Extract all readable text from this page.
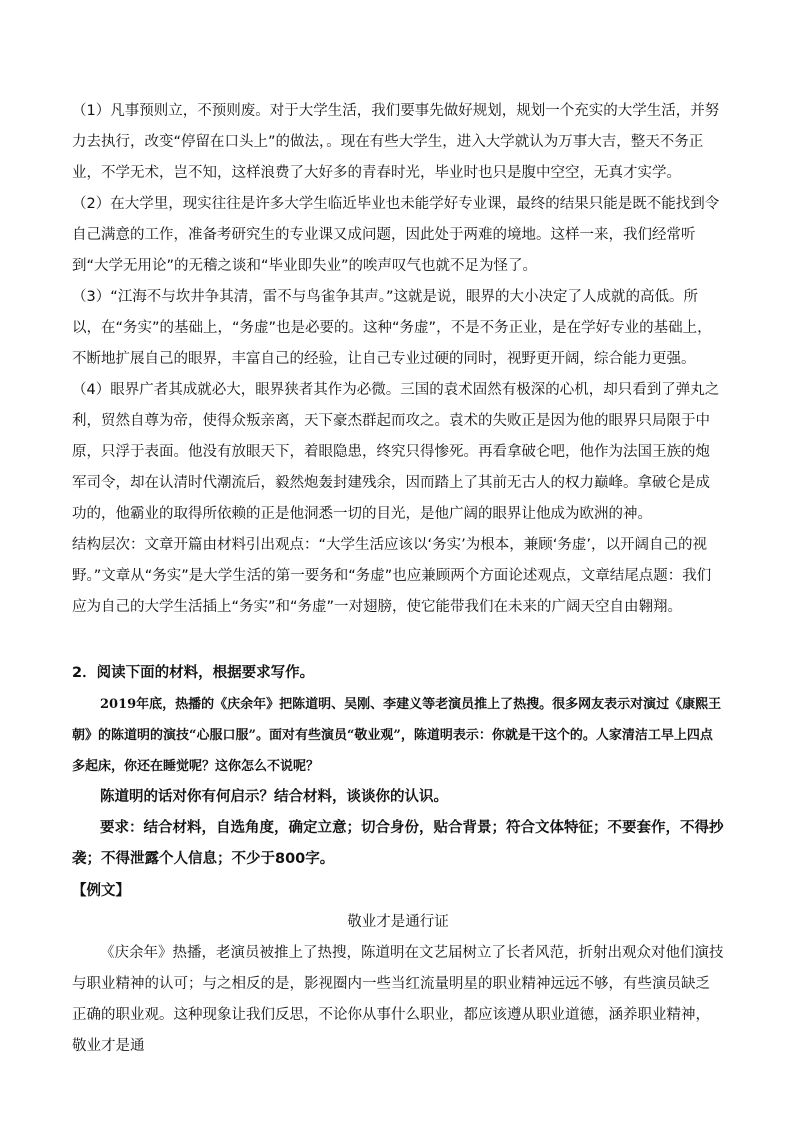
（1）凡事预则立，不预则废。对于大学生活，我们要事先做好规划，规划一个充实的大学生活，并努力去执行，改变“停留在口头上”的做法，。现在有些大学生，进入大学就认为万事大吉，整天不务正业，不学无术，岂不知，这样浪费了大好多的青春时光，毕业时也只是腹中空空，无真才实学。

（2）在大学里，现实往往是许多大学生临近毕业也未能学好专业课，最终的结果只能是既不能找到令自己满意的工作，准备考研究生的专业课又成问题，因此处于两难的境地。这样一来，我们经常听到“大学无用论”的无稽之谈和“毕业即失业”的唉声叹气也就不足为怪了。

（3）“江海不与坎井争其清，雷不与鸟雀争其声。”这就是说，眼界的大小决定了人成就的高低。所以，在“务实”的基础上，“务虚”也是必要的。这种“务虚”，不是不务正业，是在学好专业的基础上，不断地扩展自己的眼界，丰富自己的经验，让自己专业过硬的同时，视野更开阔，综合能力更强。

（4）眼界广者其成就必大，眼界狭者其作为必微。三国的袁术固然有极深的心机，却只看到了弹丸之利，贸然自尊为帝，使得众叛亲离，天下豪杰群起而攻之。袁术的失败正是因为他的眼界只局限于中原，只浮于表面。他没有放眼天下，着眼隐患，终究只得惨死。再看拿破仑吧，他作为法国王族的炮军司令，却在认清时代潮流后，毅然炮轰封建残余，因而踏上了其前无古人的权力巅峰。拿破仑是成功的，他霸业的取得所依赖的正是他洞悉一切的目光，是他广阔的眼界让他成为欧洲的神。

结构层次：文章开篇由材料引出观点：“大学生活应该以‘务实’为根本，兼顾‘务虚’，以开阔自己的视野。”文章从“务实”是大学生活的第一要务和“务虚”也应兼顾两个方面论述观点，文章结尾点题：我们应为自己的大学生活插上“务实”和“务虚”一对翅膀，使它能带我们在未来的广阔天空自由翱翔。

2．阅读下面的材料，根据要求写作。

2019年底，热播的《庆余年》把陈道明、吴刚、李建义等老演员推上了热搜。很多网友表示对演过《康熙王朝》的陈道明的演技“心服口服”。面对有些演员“敬业观”，陈道明表示：你就是干这个的。人家清洁工早上四点多起床，你还在睡觉呢？这你怎么不说呢？

陈道明的话对你有何启示？结合材料，谈谈你的认识。

要求：结合材料，自选角度，确定立意；切合身份，贴合背景；符合文体特征；不要套作，不得抄袭；不得泄露个人信息；不少于800字。

【例文】

敬业才是通行证

《庆余年》热播，老演员被推上了热搜，陈道明在文艺届树立了长者风范，折射出观众对他们演技与职业精神的认可；与之相反的是，影视圈内一些当红流量明星的职业精神远远不够，有些演员缺乏正确的职业观。这种现象让我们反思，不论你从事什么职业，都应该遵从职业道德，涵养职业精神，敬业才是通
